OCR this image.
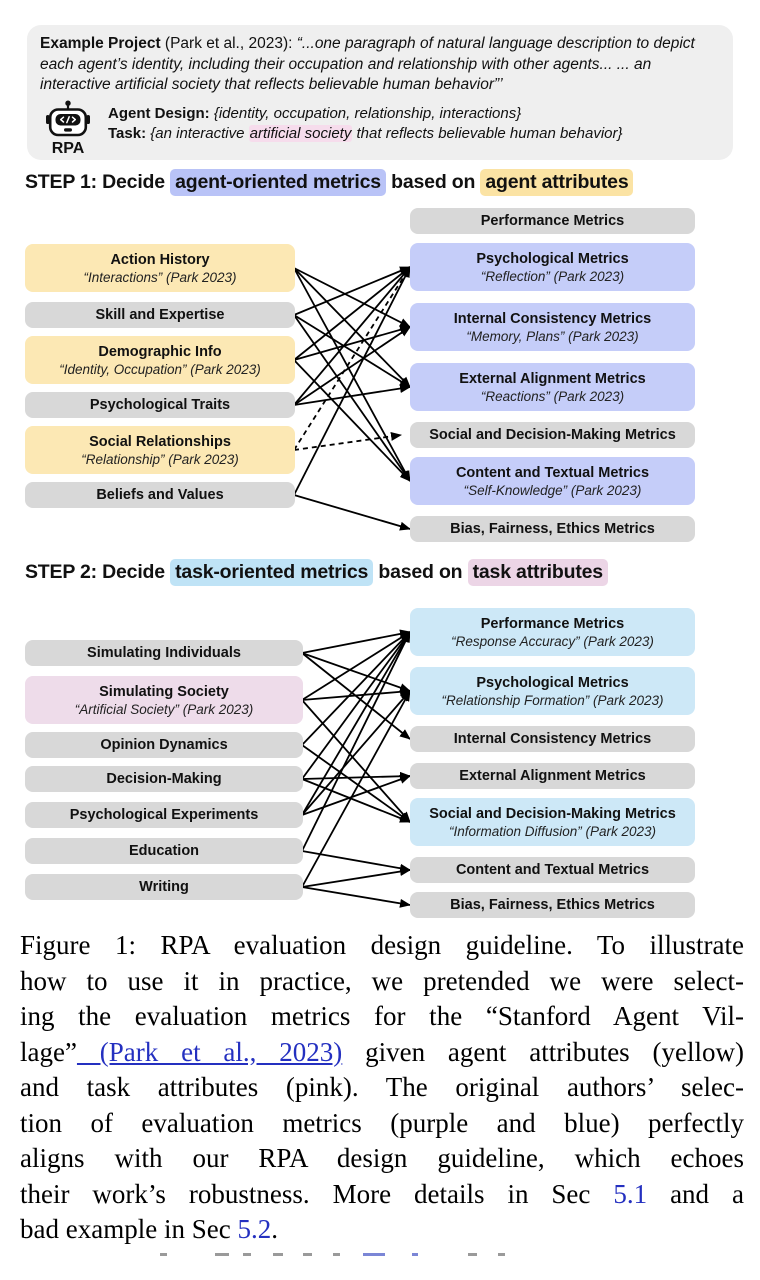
Example Project (Park et al., 2023): “...one paragraph of natural language description to depict each agent’s identity, including their occupation and relationship with other agents... ... an interactive artificial society that reflects believable human behavior”’
RPA
Agent Design: {identity, occupation, relationship, interactions}
Task: {an interactive artificial society that reflects believable human behavior}
STEP 1: Decide agent-oriented metrics based on agent attributes
STEP 2: Decide task-oriented metrics based on task attributes
Figure 1: RPA evaluation design guideline. To illustrate
how to use it in practice, we pretended we were select-
ing the evaluation metrics for the “Stanford Agent Vil-
lage” (Park et al., 2023) given agent attributes (yellow)
and task attributes (pink). The original authors’ selec-
tion of evaluation metrics (purple and blue) perfectly
aligns with our RPA design guideline, which echoes
their work’s robustness. More details in Sec 5.1 and a
bad example in Sec 5.2.
Action History
“Interactions” (Park 2023)
Skill and Expertise
Demographic Info
“Identity, Occupation” (Park 2023)
Psychological Traits
Social Relationships
“Relationship” (Park 2023)
Beliefs and Values
Performance Metrics
Psychological Metrics
“Reflection” (Park 2023)
Internal Consistency Metrics
“Memory, Plans” (Park 2023)
External Alignment Metrics
“Reactions” (Park 2023)
Social and Decision-Making Metrics
Content and Textual Metrics
“Self-Knowledge” (Park 2023)
Bias, Fairness, Ethics Metrics
Simulating Individuals
Simulating Society
“Artificial Society” (Park 2023)
Opinion Dynamics
Decision-Making
Psychological Experiments
Education
Writing
Performance Metrics
“Response Accuracy” (Park 2023)
Psychological Metrics
“Relationship Formation” (Park 2023)
Internal Consistency Metrics
External Alignment Metrics
Social and Decision-Making Metrics
“Information Diffusion” (Park 2023)
Content and Textual Metrics
Bias, Fairness, Ethics Metrics
